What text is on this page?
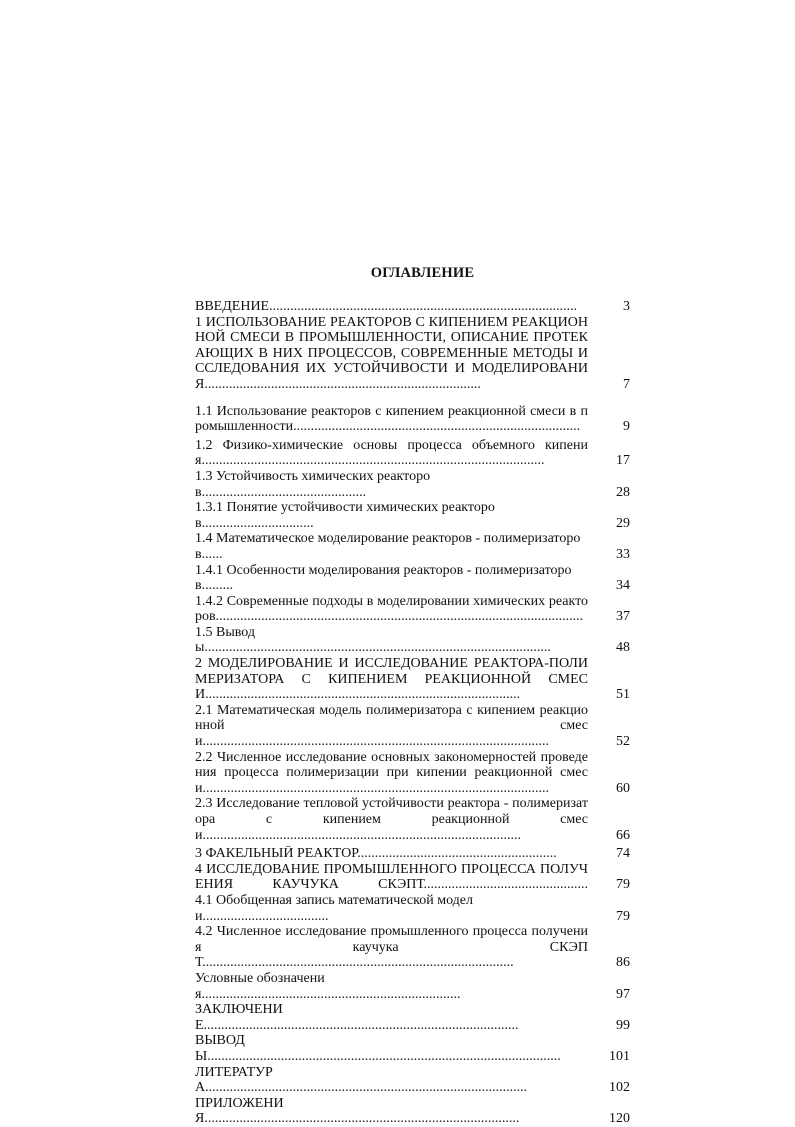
ОГЛАВЛЕНИЕ
ВВЕДЕНИЕ........................................................................................	3
1 ИСПОЛЬЗОВАНИЕ РЕАКТОРОВ С КИПЕНИЕМ РЕАКЦИОННОЙ СМЕСИ В ПРОМЫШЛЕННОСТИ, ОПИСАНИЕ ПРОТЕКАЮЩИХ В НИХ ПРОЦЕССОВ, СОВРЕМЕННЫЕ МЕТОДЫ ИССЛЕДОВАНИЯ ИХ УСТОЙЧИВОСТИ И МОДЕЛИРОВАНИЯ...............................................................................	7
1.1 Использование реакторов с кипением реакционной смеси в промышленности..................................................................................	9
1.2 Физико-химические основы процесса объемного кипения..................................................................................................	17
1.3 Устойчивость химических реакторов...............................................	28
1.3.1 Понятие устойчивости химических реакторов................................	29
1.4 Математическое моделирование реакторов - полимеризаторов......	33
1.4.1 Особенности моделирования реакторов - полимеризаторов.........	34
1.4.2 Современные подходы в моделировании химических реакторов.........................................................................................................	37
1.5 Выводы...................................................................................................	48
2 МОДЕЛИРОВАНИЕ И ИССЛЕДОВАНИЕ РЕАКТОРА-ПОЛИМЕРИЗАТОРА С КИПЕНИЕМ РЕАКЦИОННОЙ СМЕСИ..........................................................................................	51
2.1 Математическая модель полимеризатора с кипением реакционной смеси...................................................................................................	52
2.2 Численное исследование основных закономерностей проведения процесса полимеризации при кипении реакционной смеси...................................................................................................	60
2.3 Исследование тепловой устойчивости реактора - полимеризатора с кипением реакционной смеси...........................................................................................	66
3 ФАКЕЛЬНЫЙ РЕАКТОР.........................................................	74
4 ИССЛЕДОВАНИЕ ПРОМЫШЛЕННОГО ПРОЦЕССА ПОЛУЧЕНИЯ КАУЧУКА СКЭПТ...............................................	79
4.1 Обобщенная запись математической модели....................................	79
4.2 Численное исследование промышленного процесса получения каучука СКЭПТ.........................................................................................	86
Условные обозначения..........................................................................	97
ЗАКЛЮЧЕНИЕ..........................................................................................	99
ВЫВОДЫ.....................................................................................................	101
ЛИТЕРАТУРА............................................................................................	102
ПРИЛОЖЕНИЯ..........................................................................................	120
